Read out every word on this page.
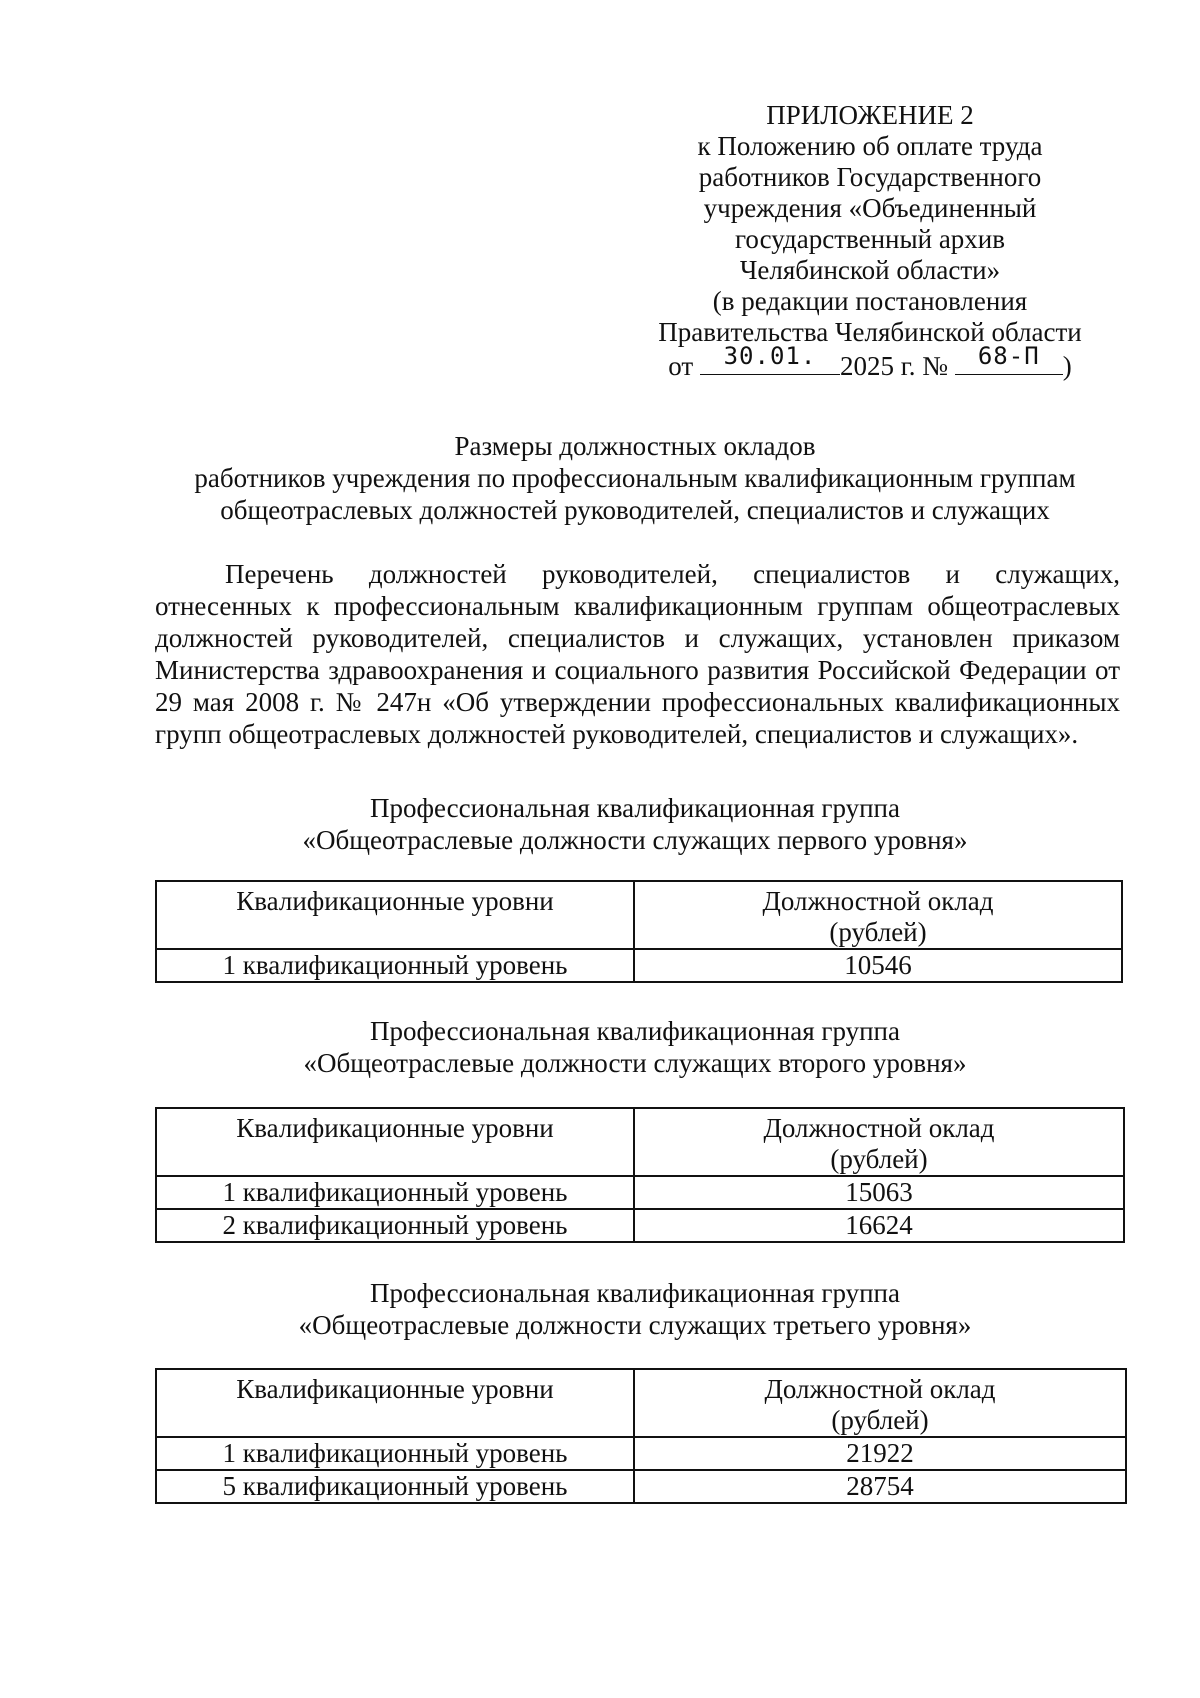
ПРИЛОЖЕНИЕ 2
к Положению об оплате труда
работников Государственного
учреждения «Объединенный
государственный архив
Челябинской области»
(в редакции постановления
Правительства Челябинской области
от	30.01. 2025 г. №	68-П )
Размеры должностных окладов
работников учреждения по профессиональным квалификационным группам
общеотраслевых должностей руководителей, специалистов и служащих

Перечень должностей руководителей, специалистов и служащих, отнесенных к профессиональным квалификационным группам общеотраслевых должностей руководителей, специалистов и служащих, установлен приказом Министерства здравоохранения и социального развития Российской Федерации от 29 мая 2008 г. № 247н «Об утверждении профессиональных квалификационных групп общеотраслевых должностей руководителей, специалистов и служащих».

Профессиональная квалификационная группа
«Общеотраслевые должности служащих первого уровня»
Квалификационные уровни	Должностной оклад
(рублей)

1 квалификационный уровень	10546
Профессиональная квалификационная группа
«Общеотраслевые должности служащих второго уровня»
Квалификационные уровни	Должностной оклад
(рублей)

1 квалификационный уровень	15063
2 квалификационный уровень	16624
Профессиональная квалификационная группа
«Общеотраслевые должности служащих третьего уровня»
Квалификационные уровни	Должностной оклад
(рублей)

1 квалификационный уровень	21922
5 квалификационный уровень	28754
